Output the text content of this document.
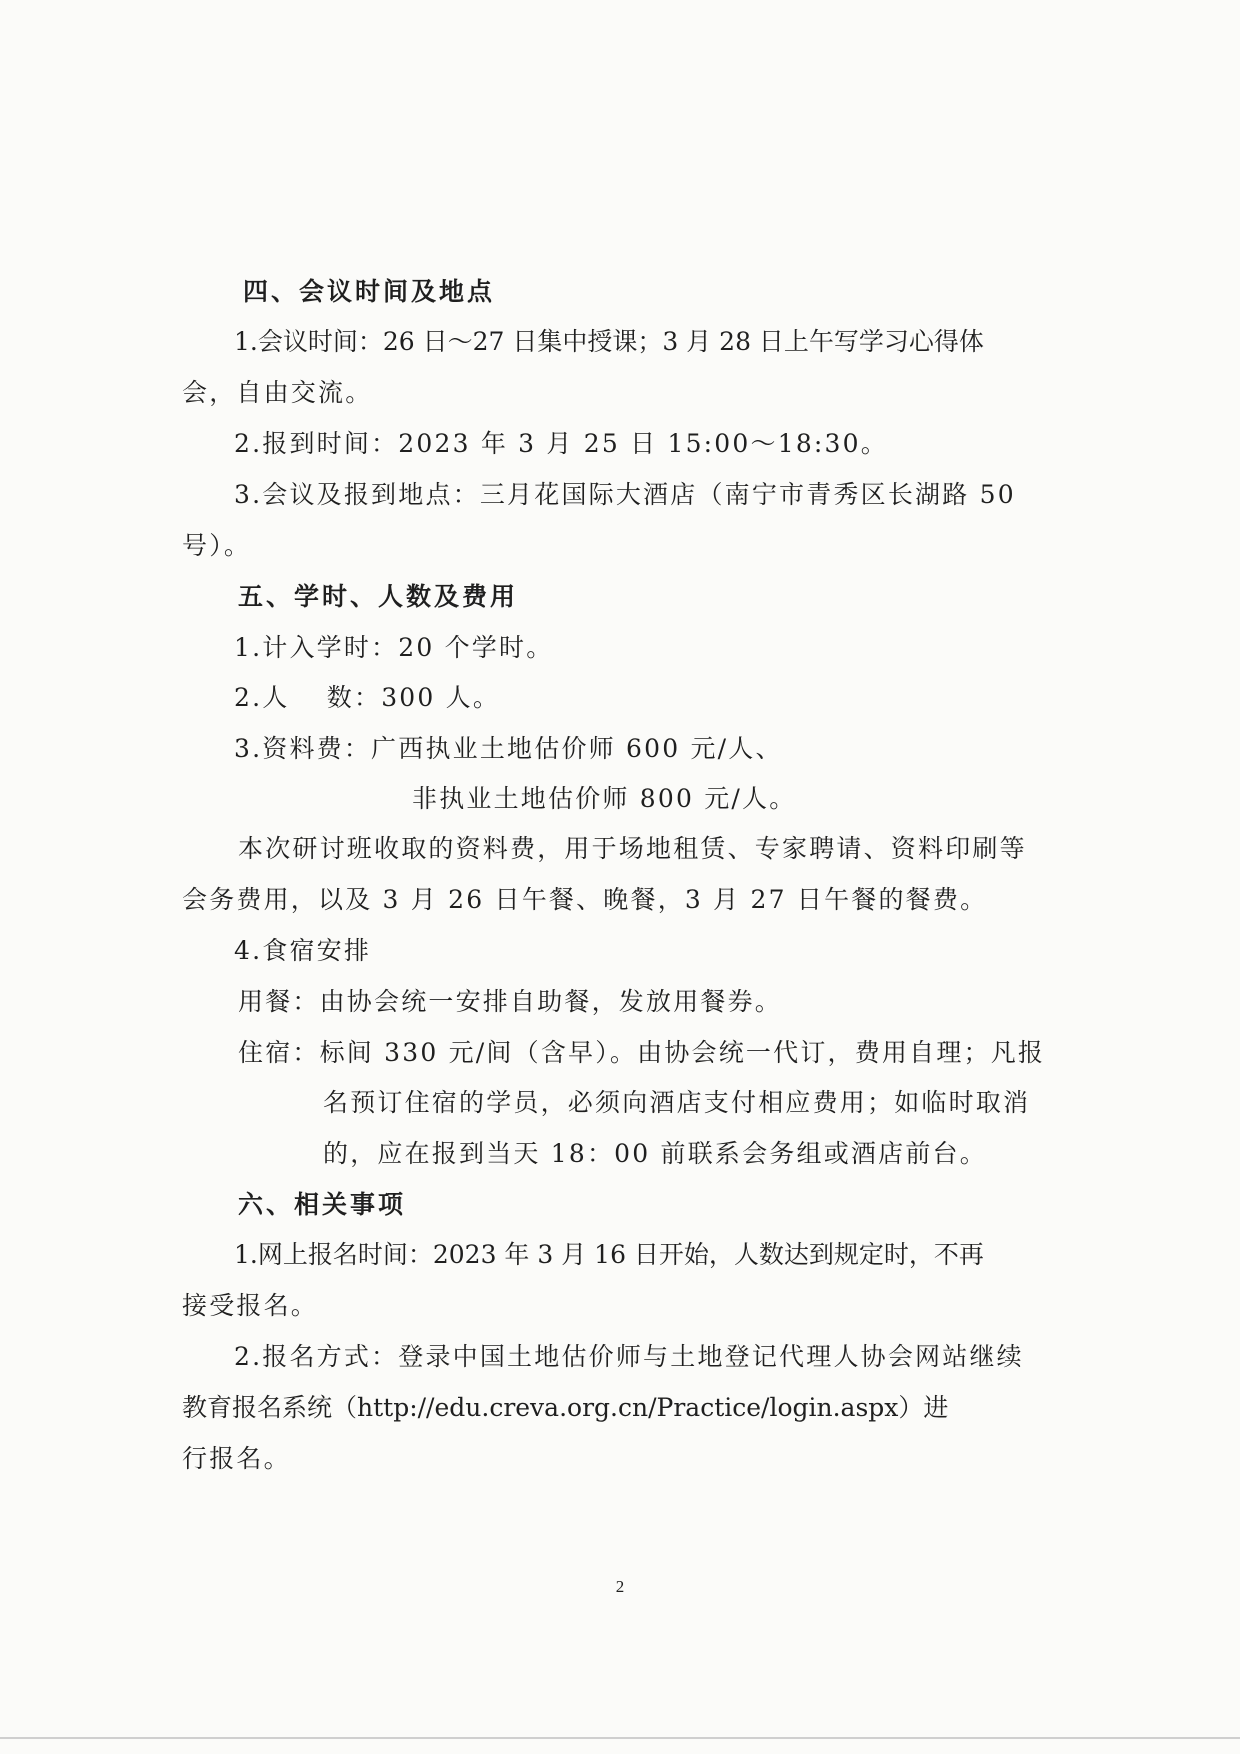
四、会议时间及地点

1.会议时间：26 日～27 日集中授课；3 月 28 日上午写学习心得体

会，自由交流。

2.报到时间：2023 年 3 月 25 日 15:00～18:30。

3.会议及报到地点：三月花国际大酒店（南宁市青秀区长湖路 50

号）。

五、学时、人数及费用

1.计入学时：20 个学时。

2.人　 数：300 人。

3.资料费：广西执业土地估价师 600 元/人、

非执业土地估价师 800 元/人。

本次研讨班收取的资料费，用于场地租赁、专家聘请、资料印刷等

会务费用，以及 3 月 26 日午餐、晚餐，3 月 27 日午餐的餐费。

4.食宿安排

用餐：由协会统一安排自助餐，发放用餐券。

住宿：标间 330 元/间（含早）。由协会统一代订，费用自理；凡报

名预订住宿的学员，必须向酒店支付相应费用；如临时取消

的，应在报到当天 18：00 前联系会务组或酒店前台。

六、相关事项

1.网上报名时间：2023 年 3 月 16 日开始，人数达到规定时，不再

接受报名。

2.报名方式：登录中国土地估价师与土地登记代理人协会网站继续

教育报名系统（http://edu.creva.org.cn/Practice/login.aspx）进

行报名。

2
